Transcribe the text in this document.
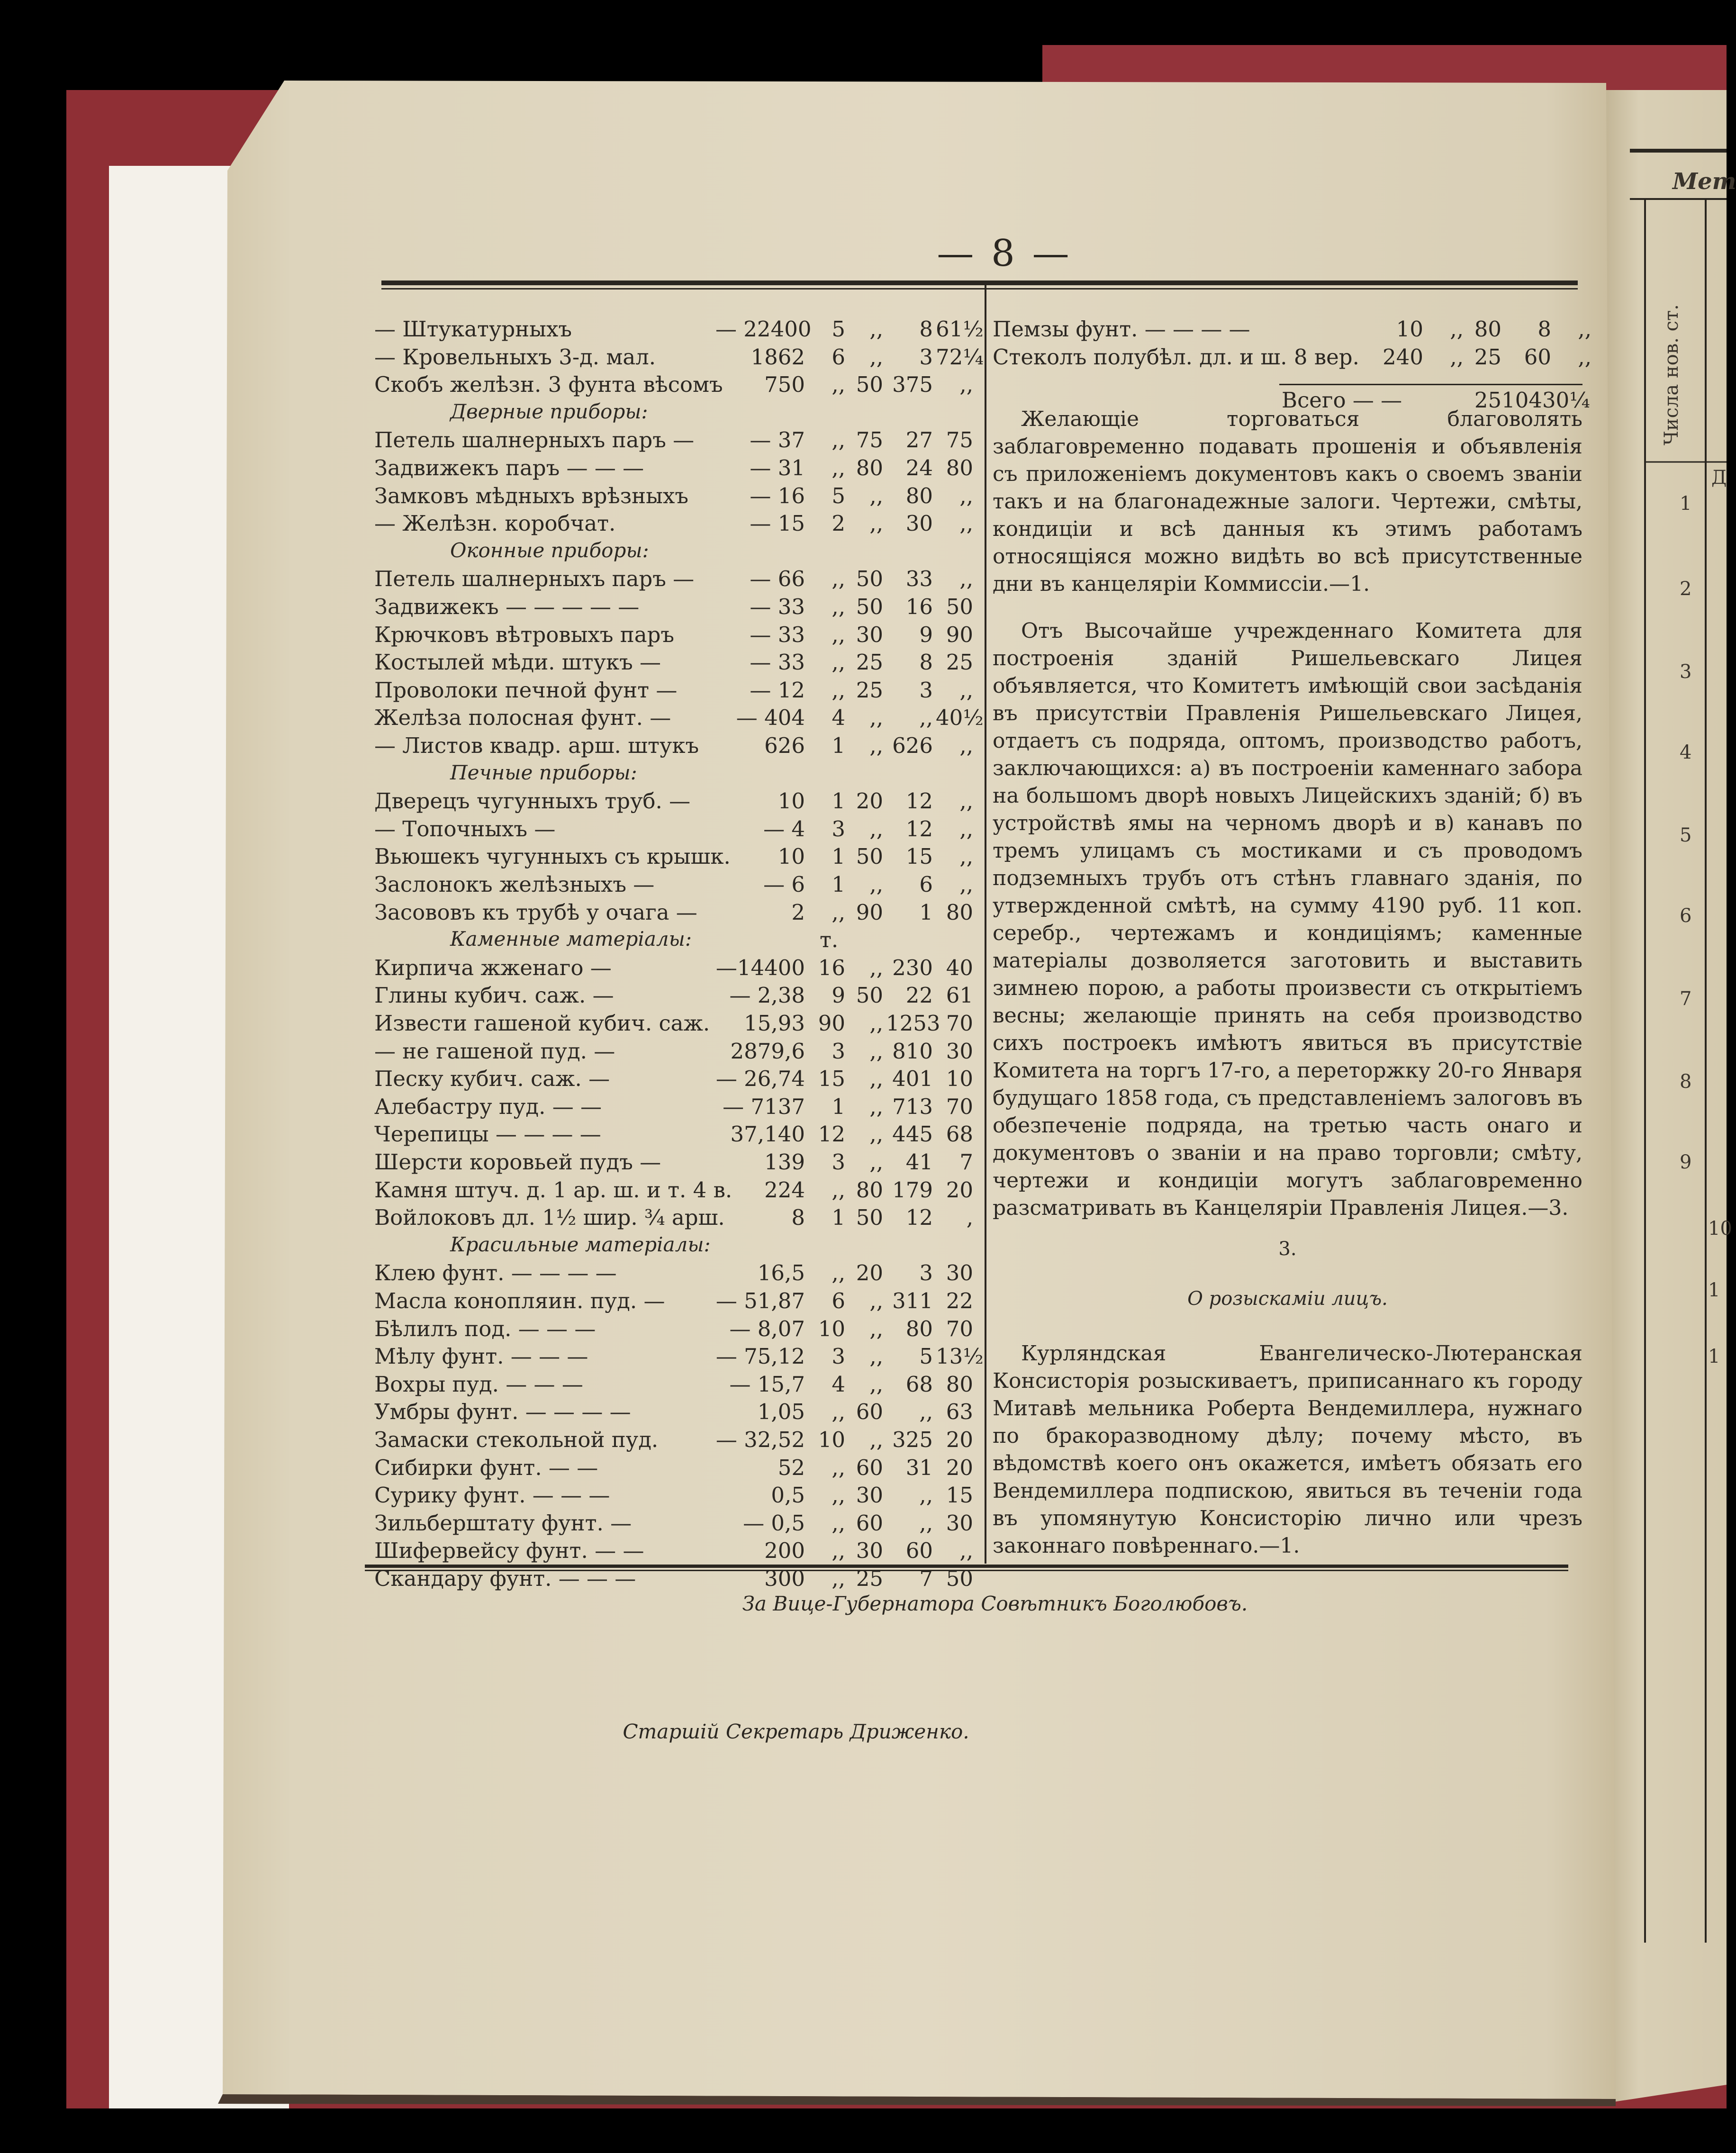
— 8 —
— Штукатурныхъ	— 22400 5	,,	8 61½
— Кровельныхъ 3-д. мал.	1862	6	,,	3 72¼
Скобъ желѣзн. 3 фунта вѣсомъ	750	,, 50 375	,,
Дверные приборы:
Петель шалнерныхъ паръ —	— 37	,, 75	27 75
Задвижекъ паръ — — —	— 31	,, 80	24 80
Замковъ мѣдныхъ врѣзныхъ	— 16	5	,,	80	,,
— Желѣзн. коробчат.	— 15	2	,,	30	,,
Оконные приборы:
Петель шалнерныхъ паръ —	— 66	,, 50	33	,,
Задвижекъ — — — — —	— 33	,, 50	16 50
Крючковъ вѣтровыхъ паръ	— 33	,, 30	9 90
Костылей мѣди. штукъ —	— 33	,, 25	8 25
Проволоки печной фунт —	— 12	,, 25	3	,,
Желѣза полосная фунт. —	— 404	4	,,	,, 40½
— Листов квадр. арш. штукъ	626	1	,, 626	,,
Печные приборы:
Дверецъ чугунныхъ труб. —	10	1 20	12	,,
— Топочныхъ —	— 4	3	,,	12	,,
Вьюшекъ чугунныхъ съ крышк.	10	1 50	15	,,
Заслонокъ желѣзныхъ —	— 6	1	,,	6	,,
Засововъ къ трубѣ у очага —	2	,, 90	1 80
Каменные матеріалы:	т.
Кирпича жженаго —	—14400 16	,, 230 40
Глины кубич. саж. —	— 2,38	9 50	22 61
Извести гашеной кубич. саж.	15,93 90	,, 1253 70
— не гашеной пуд. —	2879,6	3	,, 810 30
Песку кубич. саж. —	— 26,74 15	,, 401 10
Алебастру пуд. — —	— 7137	1	,, 713 70
Черепицы — — — —	37,140 12	,, 445 68
Шерсти коровьей пудъ —	139	3	,,	41	7
Камня штуч. д. 1 ар. ш. и т. 4 в.	224	,, 80 179 20
Войлоковъ дл. 1½ шир. ¾ арш.	8	1 50	12	,
Красильные матеріалы:
Клею фунт. — — — —	16,5	,, 20	3 30
Масла конопляин. пуд. — — 51,87	6	,, 311 22
Бѣлилъ под. — — —	— 8,07 10	,,	80 70
Мѣлу фунт. — — —	— 75,12	3	,,	5 13½
Вохры пуд. — — —	— 15,7	4	,,	68 80
Умбры фунт. — — — —	1,05	,, 60	,, 63
Замаски стекольной пуд.	— 32,52 10	,, 325 20
Сибирки фунт. — —	52	,, 60	31 20
Сурику фунт. — — —	0,5	,, 30	,, 15
Зильберштату фунт. —	— 0,5	,, 60	,, 30
Шифервейсу фунт. — —	200	,, 30	60	,,
Скандару фунт. — — —	300	,, 25	7 50
Пемзы фунт. — — — —	10	,, 80	8	,,
Стеколъ полубѣл. дл. и ш. 8 вер.	240	,, 25	60	,,
Всего — —	25104 30¼
Желающіе торговаться благоволять заблаговременно подавать прошенія и объявленія съ приложеніемъ документовъ какъ о своемъ званіи такъ и на благонадежные залоги. Чертежи, смѣты, кондиціи и всѣ данныя къ этимъ работамъ относящіяся можно видѣть во всѣ присутственные дни въ канцеляріи Коммиссіи.—1.
Отъ Высочайше учрежденнаго Комитета для построенія зданій Ришельевскаго Лицея объявляется, что Комитетъ имѣющій свои засѣданія въ присутствіи Правленія Ришельевскаго Лицея, отдаетъ съ подряда, оптомъ, производство работъ, заключающихся: а) въ построеніи каменнаго забора на большомъ дворѣ новыхъ Лицейскихъ зданій; б) въ устройствѣ ямы на черномъ дворѣ и в) канавъ по тремъ улицамъ съ мостиками и съ проводомъ подземныхъ трубъ отъ стѣнъ главнаго зданія, по утвержденной смѣтѣ, на сумму 4190 руб. 11 коп. серебр., чертежамъ и кондиціямъ; каменные матеріалы дозволяется заготовить и выставить зимнею порою, а работы произвести съ открытіемъ весны; желающіе принять на себя производство сихъ построекъ имѣютъ явиться въ присутствіе Комитета на торгъ 17-го, а переторжку 20-го Января будущаго 1858 года, съ представленіемъ залоговъ въ обезпеченіе подряда, на третью часть онаго и документовъ о званіи и на право торговли; смѣту, чертежи и кондиціи могутъ заблаговременно разсматривать въ Канцеляріи Правленія Лицея.—3.
3.
О розыскаміи лицъ.
Курляндская Евангелическо-Лютеранская Консисторія розыскиваетъ, приписаннаго къ городу Митавѣ мельника Роберта Вендемиллера, нужнаго по бракоразводному дѣлу; почему мѣсто, въ вѣдомствѣ коего онъ окажется, имѣетъ обязать его Вендемиллера подпискою, явиться въ теченіи года въ упомянутую Консисторію лично или чрезъ законнаго повѣреннаго.—1.
За Вице-Губернатора Совѣтникъ Боголюбовъ.
Старшій Секретарь Дриженко.
Мет
Числа нов. ст.
Д
1
2
3
4
5
6
7
8
9
10
1
1
